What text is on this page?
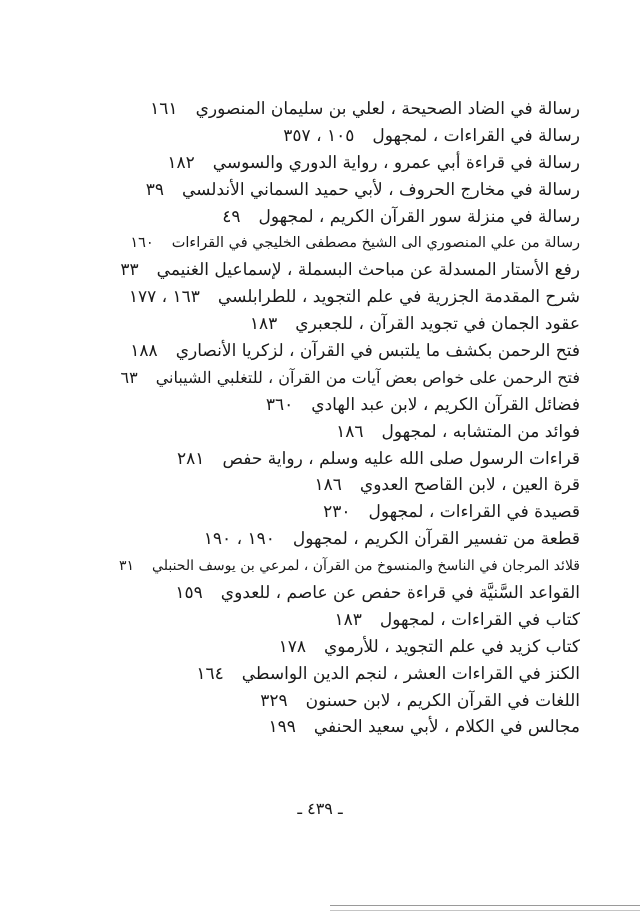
رسالة في الضاد الصحيحة ، لعلي بن سليمان المنصوري١٦١
رسالة في القراءات ، لمجهول١٠٥ ، ٣٥٧
رسالة في قراءة أبي عمرو ، رواية الدوري والسوسي١٨٢
رسالة في مخارج الحروف ، لأبي حميد السماني الأندلسي٣٩
رسالة في منزلة سور القرآن الكريم ، لمجهول٤٩
رسالة من علي المنصوري الى الشيخ مصطفى الخليجي في القراءات١٦٠
رفع الأستار المسدلة عن مباحث البسملة ، لإسماعيل الغنيمي٣٣
شرح المقدمة الجزرية في علم التجويد ، للطرابلسي١٦٣ ، ١٧٧
عقود الجمان في تجويد القرآن ، للجعبري١٨٣
فتح الرحمن بكشف ما يلتبس في القرآن ، لزكريا الأنصاري١٨٨
فتح الرحمن على خواص بعض آيات من القرآن ، للتغلبي الشيباني٦٣
فضائل القرآن الكريم ، لابن عبد الهادي٣٦٠
فوائد من المتشابه ، لمجهول١٨٦
قراءات الرسول صلى الله عليه وسلم ، رواية حفص٢٨١
قرة العين ، لابن القاصح العدوي١٨٦
قصيدة في القراءات ، لمجهول٢٣٠
قطعة من تفسير القرآن الكريم ، لمجهول١٩٠ ، ١٩٠
قلائد المرجان في الناسخ والمنسوخ من القرآن ، لمرعي بن يوسف الحنبلي٣١
القواعد السَّنيَّة في قراءة حفص عن عاصم ، للعدوي١٥٩
كتاب في القراءات ، لمجهول١٨٣
كتاب كزيد في علم التجويد ، للأرموي١٧٨
الكنز في القراءات العشر ، لنجم الدين الواسطي١٦٤
اللغات في القرآن الكريم ، لابن حسنون٣٢٩
مجالس في الكلام ، لأبي سعيد الحنفي١٩٩
ـ ٤٣٩ ـ
